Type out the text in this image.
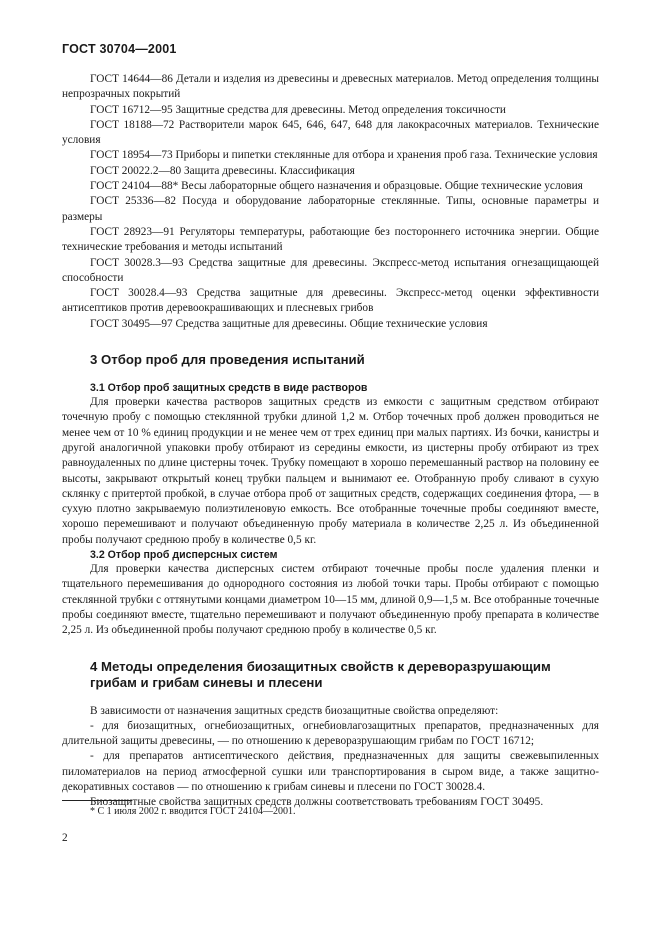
ГОСТ 30704—2001

ГОСТ 14644—86 Детали и изделия из древесины и древесных материалов. Метод определения толщины непрозрачных покрытий

ГОСТ 16712—95 Защитные средства для древесины. Метод определения токсичности

ГОСТ 18188—72 Растворители марок 645, 646, 647, 648 для лакокрасочных материалов. Технические условия

ГОСТ 18954—73 Приборы и пипетки стеклянные для отбора и хранения проб газа. Технические условия

ГОСТ 20022.2—80 Защита древесины. Классификация

ГОСТ 24104—88* Весы лабораторные общего назначения и образцовые. Общие технические условия

ГОСТ 25336—82 Посуда и оборудование лабораторные стеклянные. Типы, основные параметры и размеры

ГОСТ 28923—91 Регуляторы температуры, работающие без постороннего источника энергии. Общие технические требования и методы испытаний

ГОСТ 30028.3—93 Средства защитные для древесины. Экспресс-метод испытания огнезащищающей способности

ГОСТ 30028.4—93 Средства защитные для древесины. Экспресс-метод оценки эффективности антисептиков против деревоокрашивающих и плесневых грибов

ГОСТ 30495—97 Средства защитные для древесины. Общие технические условия

3 Отбор проб для проведения испытаний
3.1 Отбор проб защитных средств в виде растворов

Для проверки качества растворов защитных средств из емкости с защитным средством отбирают точечную пробу с помощью стеклянной трубки длиной 1,2 м. Отбор точечных проб должен проводиться не менее чем от 10 % единиц продукции и не менее чем от трех единиц при малых партиях. Из бочки, канистры и другой аналогичной упаковки пробу отбирают из середины емкости, из цистерны пробу отбирают из трех равноудаленных по длине цистерны точек. Трубку помещают в хорошо перемешанный раствор на половину ее высоты, закрывают открытый конец трубки пальцем и вынимают ее. Отобранную пробу сливают в сухую склянку с притертой пробкой, в случае отбора проб от защитных средств, содержащих соединения фтора, — в сухую плотно закрываемую полиэтиленовую емкость. Все отобранные точечные пробы соединяют вместе, хорошо перемешивают и получают объединенную пробу материала в количестве 2,25 л. Из объединенной пробы получают среднюю пробу в количестве 0,5 кг.

3.2 Отбор проб дисперсных систем

Для проверки качества дисперсных систем отбирают точечные пробы после удаления пленки и тщательного перемешивания до однородного состояния из любой точки тары. Пробы отбирают с помощью стеклянной трубки с оттянутыми концами диаметром 10—15 мм, длиной 0,9—1,5 м. Все отобранные точечные пробы соединяют вместе, тщательно перемешивают и получают объединенную пробу препарата в количестве 2,25 л. Из объединенной пробы получают среднюю пробу в количестве 0,5 кг.

4 Методы определения биозащитных свойств к дереворазрушающим
грибам и грибам синевы и плесени

В зависимости от назначения защитных средств биозащитные свойства определяют:

- для биозащитных, огнебиозащитных, огнебиовлагозащитных препаратов, предназначенных для длительной защиты древесины, — по отношению к дереворазрушающим грибам по ГОСТ 16712;

- для препаратов антисептического действия, предназначенных для защиты свежевыпиленных пиломатериалов на период атмосферной сушки или транспортирования в сыром виде, а также защитно-декоративных составов — по отношению к грибам синевы и плесени по ГОСТ 30028.4.

Биозащитные свойства защитных средств должны соответствовать требованиям ГОСТ 30495.

* С 1 июля 2002 г. вводится ГОСТ 24104—2001.
2
